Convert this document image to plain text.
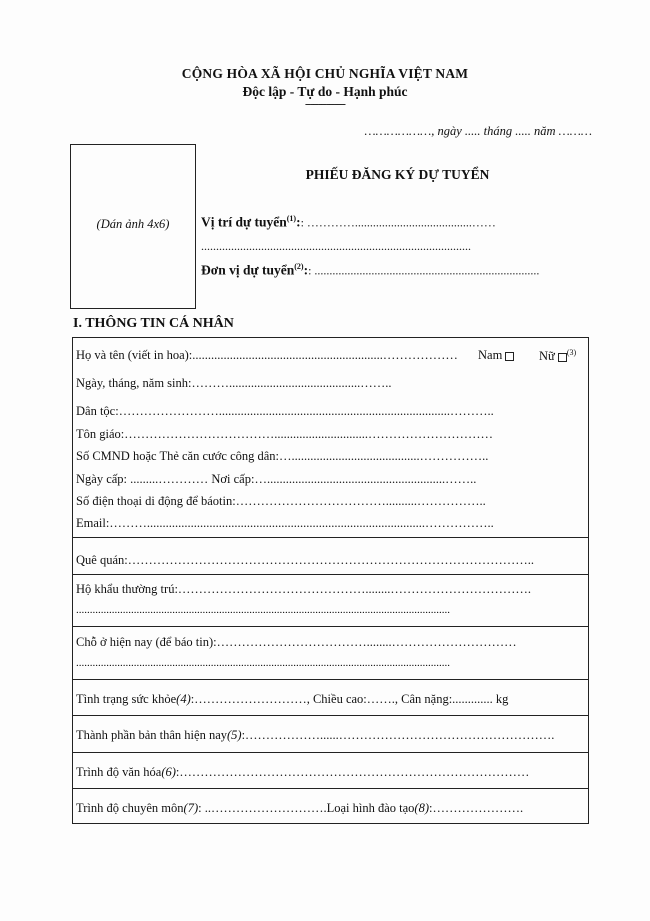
CỘNG HÒA XÃ HỘI CHỦ NGHĨA VIỆT NAM
Độc lập - Tự do - Hạnh phúc
---------------
………………, ngày ..... tháng ..... năm ………
(Dán ảnh 4x6)
PHIẾU ĐĂNG KÝ DỰ TUYỂN
Vị trí dự tuyển$^{(1)}$:: ………….......................................……
..........................................................................................
Đơn vị dự tuyển$^{(2)}$:: ...........................................................................
I. THÔNG TIN CÁ NHÂN
Họ và tên (viết in hoa):.............................................................……………… Nam	Nữ $^{(3)}$
Ngày, tháng, năm sinh:………..........................................……..
Dân tộc:……………………..........................................................................………..
Tôn giáo:………………………………..............................…………………………
Số CMND hoặc Thẻ căn cước công dân:….........................................……………..
Ngày cấp: .........………… Nơi cấp:….........................................................……..
Số điện thoại di động để báotin:………………………………..........……………..
Email:……….........................................................................................……………..
Quê quán:……………………………………………………………………………………..
Hộ khẩu thường trú:………………………………………........…………………………….
........................................................................................................................................
Chỗ ở hiện nay (để báo tin):………………………………........…………………………
........................................................................................................................................
Tình trạng sức khỏe(4):………………………, Chiều cao:……., Cân nặng:............. kg
Thành phần bản thân hiện nay(5):………………......…………………………………………….
Trình độ văn hóa(6):…………………………………………………………………………
Trình độ chuyên môn(7): ..……………………….Loại hình đào tạo(8):………………….
